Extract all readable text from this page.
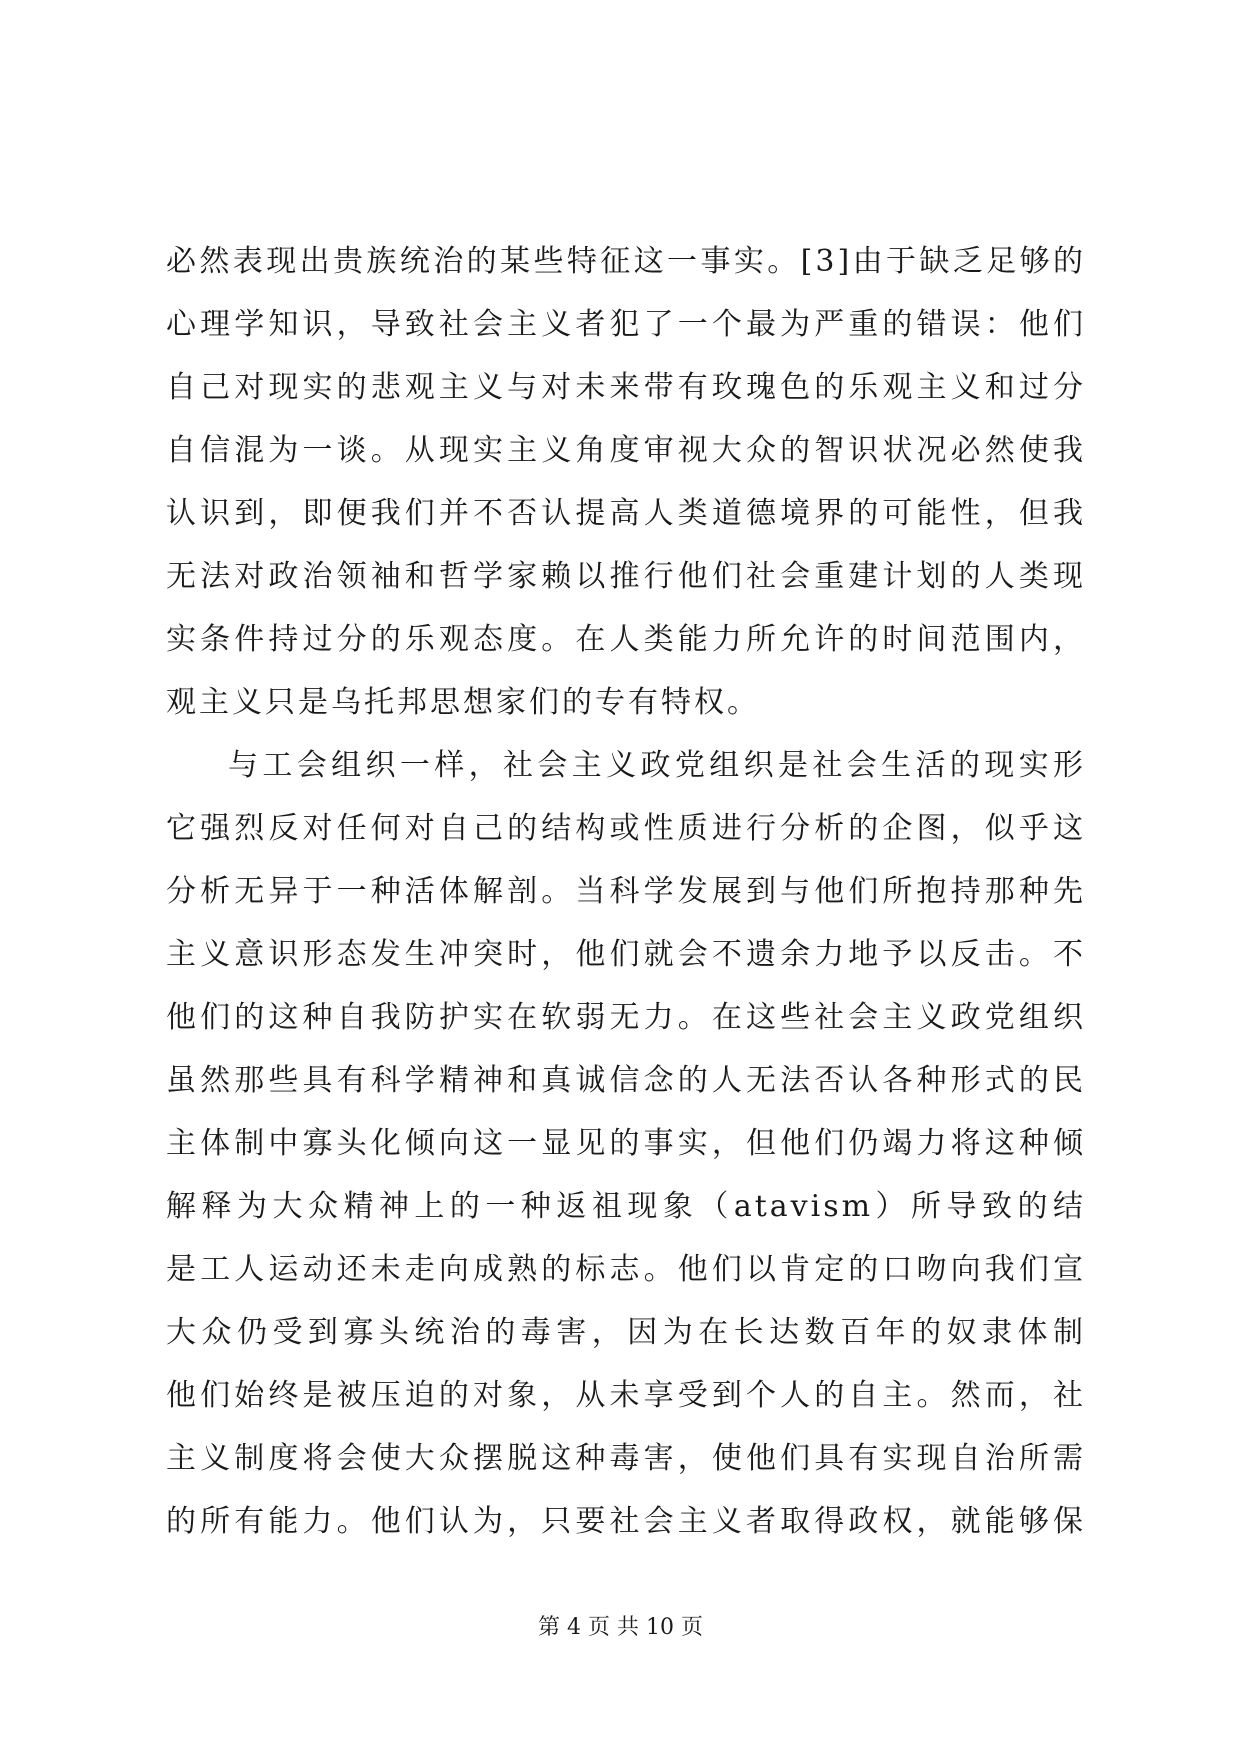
必然表现出贵族统治的某些特征这一事实。[3]由于缺乏足够的
心理学知识，导致社会主义者犯了一个最为严重的错误：他们
自己对现实的悲观主义与对未来带有玫瑰色的乐观主义和过分
自信混为一谈。从现实主义角度审视大众的智识状况必然使我
认识到，即便我们并不否认提高人类道德境界的可能性，但我
无法对政治领袖和哲学家赖以推行他们社会重建计划的人类现
实条件持过分的乐观态度。在人类能力所允许的时间范围内，
观主义只是乌托邦思想家们的专有特权。
与工会组织一样，社会主义政党组织是社会生活的现实形
它强烈反对任何对自己的结构或性质进行分析的企图，似乎这
分析无异于一种活体解剖。当科学发展到与他们所抱持那种先
主义意识形态发生冲突时，他们就会不遗余力地予以反击。不
他们的这种自我防护实在软弱无力。在这些社会主义政党组织
虽然那些具有科学精神和真诚信念的人无法否认各种形式的民
主体制中寡头化倾向这一显见的事实，但他们仍竭力将这种倾
解释为大众精神上的一种返祖现象（atavism）所导致的结
是工人运动还未走向成熟的标志。他们以肯定的口吻向我们宣
大众仍受到寡头统治的毒害，因为在长达数百年的奴隶体制
他们始终是被压迫的对象，从未享受到个人的自主。然而，社
主义制度将会使大众摆脱这种毒害，使他们具有实现自治所需
的所有能力。他们认为，只要社会主义者取得政权，就能够保
第 4 页 共 10 页
